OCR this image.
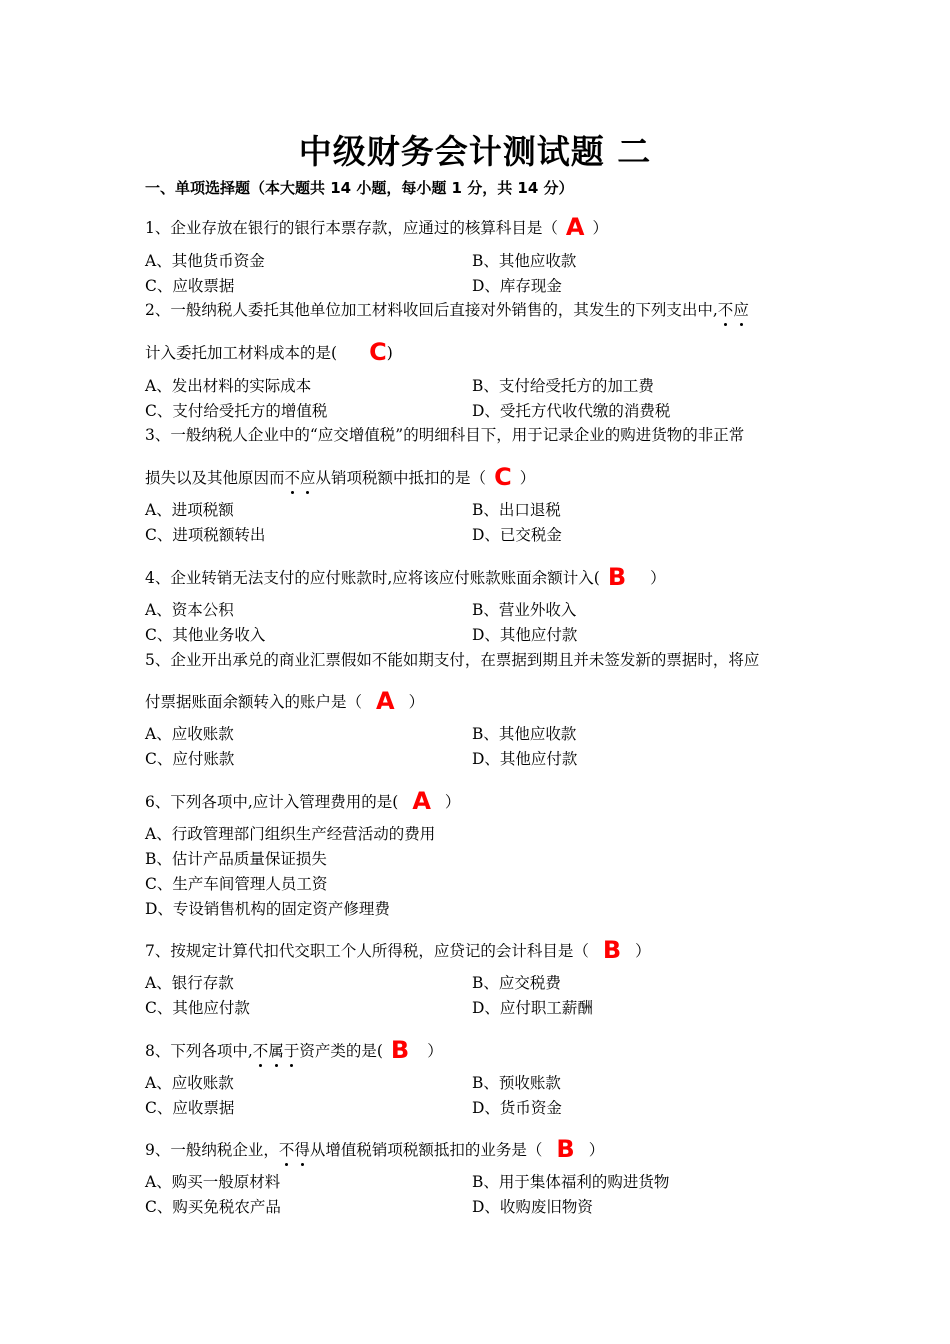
中级财务会计测试题 二
一、单项选择题（本大题共 14 小题，每小题 1 分，共 14 分）
1、企业存放在银行的银行本票存款，应通过的核算科目是（ A ）
A、其他货币资金	B、其他应收款
C、应收票据	D、库存现金
2、一般纳税人委托其他单位加工材料收回后直接对外销售的，其发生的下列支出中,不应
计入委托加工材料成本的是( C)
A、发出材料的实际成本	B、支付给受托方的加工费
C、支付给受托方的增值税	D、受托方代收代缴的消费税
3、一般纳税人企业中的“应交增值税”的明细科目下，用于记录企业的购进货物的非正常
损失以及其他原因而不应从销项税额中抵扣的是（ C ）
A、进项税额	B、出口退税
C、进项税额转出	D、已交税金
4、企业转销无法支付的应付账款时,应将该应付账款账面余额计入( B ）
A、资本公积	B、营业外收入
C、其他业务收入	D、其他应付款
5、企业开出承兑的商业汇票假如不能如期支付，在票据到期且并未签发新的票据时，将应
付票据账面余额转入的账户是（ A ）
A、应收账款	B、其他应收款
C、应付账款	D、其他应付款
6、下列各项中,应计入管理费用的是( A ）
A、行政管理部门组织生产经营活动的费用
B、估计产品质量保证损失
C、生产车间管理人员工资
D、专设销售机构的固定资产修理费
7、按规定计算代扣代交职工个人所得税，应贷记的会计科目是（ B ）
A、银行存款	B、应交税费
C、其他应付款	D、应付职工薪酬
8、下列各项中,不属于资产类的是( B ）
A、应收账款	B、预收账款
C、应收票据	D、货币资金
9、一般纳税企业，不得从增值税销项税额抵扣的业务是（ B ）
A、购买一般原材料	B、用于集体福利的购进货物
C、购买免税农产品	D、收购废旧物资
